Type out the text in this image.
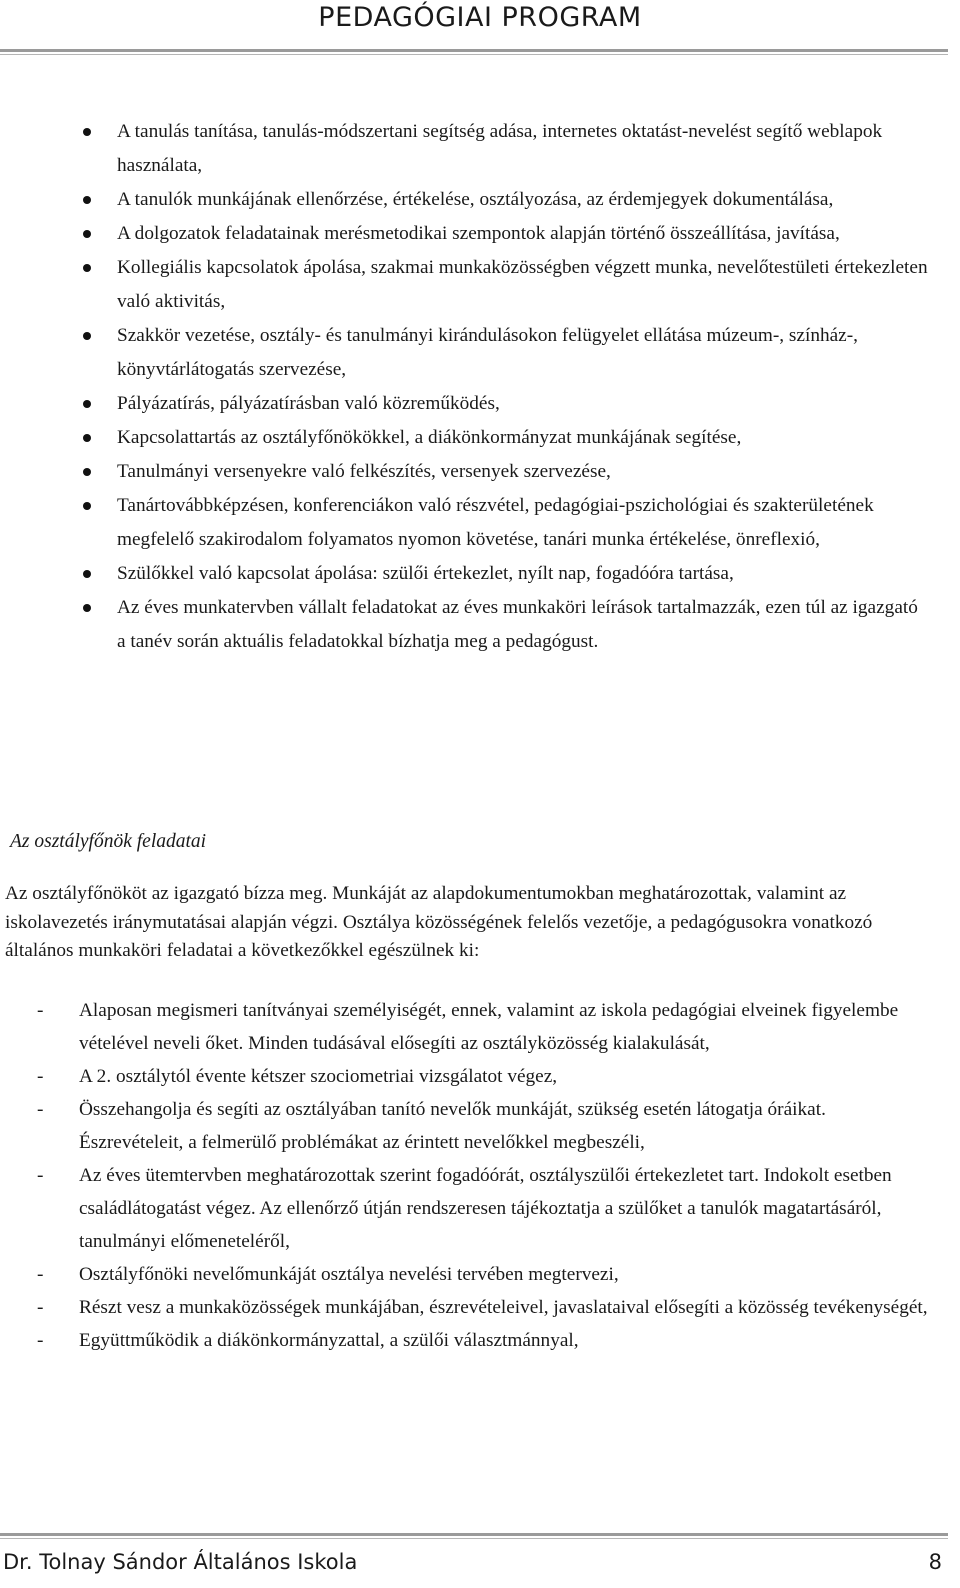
PEDAGÓGIAI PROGRAM
A tanulás tanítása, tanulás-módszertani segítség adása, internetes oktatást-nevelést segítő weblapok használata,
A tanulók munkájának ellenőrzése, értékelése, osztályozása, az érdemjegyek dokumentálása,
A dolgozatok feladatainak merésmetodikai szempontok alapján történő összeállítása, javítása,
Kollegiális kapcsolatok ápolása, szakmai munkaközösségben végzett munka, nevelőtestületi értekezleten való aktivitás,
Szakkör vezetése, osztály- és tanulmányi kirándulásokon felügyelet ellátása múzeum-, színház-, könyvtárlátogatás szervezése,
Pályázatírás, pályázatírásban való közreműködés,
Kapcsolattartás az osztályfőnökökkel, a diákönkormányzat munkájának segítése,
Tanulmányi versenyekre való felkészítés, versenyek szervezése,
Tanártovábbképzésen, konferenciákon való részvétel, pedagógiai-pszichológiai és szakterületének megfelelő szakirodalom folyamatos nyomon követése, tanári munka értékelése, önreflexió,
Szülőkkel való kapcsolat ápolása: szülői értekezlet, nyílt nap, fogadóóra tartása,
Az éves munkatervben vállalt feladatokat az éves munkaköri leírások tartalmazzák, ezen túl az igazgató a tanév során aktuális feladatokkal bízhatja meg a pedagógust.
Az osztályfőnök feladatai

Az osztályfőnököt az igazgató bízza meg. Munkáját az alapdokumentumokban meghatározottak, valamint az iskolavezetés iránymutatásai alapján végzi. Osztálya közösségének felelős vezetője, a pedagógusokra vonatkozó általános munkaköri feladatai a következőkkel egészülnek ki:

- Alaposan megismeri tanítványai személyiségét, ennek, valamint az iskola pedagógiai elveinek figyelembe vételével neveli őket. Minden tudásával elősegíti az osztályközösség kialakulását,
- A 2. osztálytól évente kétszer szociometriai vizsgálatot végez,
- Összehangolja és segíti az osztályában tanító nevelők munkáját, szükség esetén látogatja óráikat. Észrevételeit, a felmerülő problémákat az érintett nevelőkkel megbeszéli,
- Az éves ütemtervben meghatározottak szerint fogadóórát, osztályszülői értekezletet tart. Indokolt esetben családlátogatást végez. Az ellenőrző útján rendszeresen tájékoztatja a szülőket a tanulók magatartásáról, tanulmányi előmeneteléről,
- Osztályfőnöki nevelőmunkáját osztálya nevelési tervében megtervezi,
- Részt vesz a munkaközösségek munkájában, észrevételeivel, javaslataival elősegíti a közösség tevékenységét,
- Együttműködik a diákönkormányzattal, a szülői választmánnyal,
Dr. Tolnay Sándor Általános Iskola	8
